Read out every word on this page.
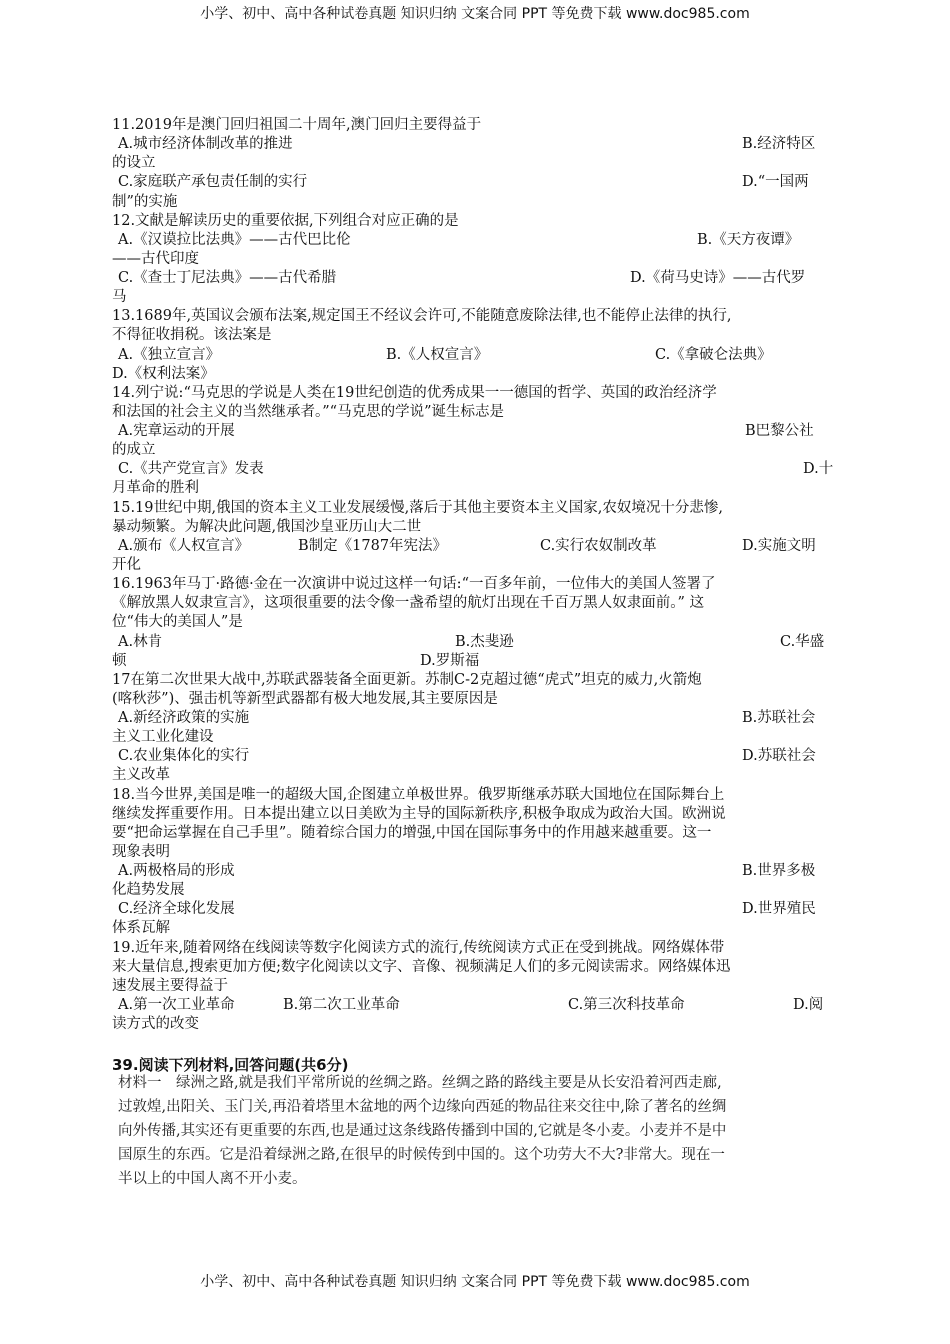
小学、初中、高中各种试卷真题 知识归纳 文案合同 PPT 等免费下载 www.doc985.com
11.2019年是澳门回归祖国二十周年,澳门回归主要得益于
A.城市经济体制改革的推进	B.经济特区
的设立
C.家庭联产承包责任制的实行	D.“一国两
制”的实施
12.文献是解读历史的重要依据,下列组合对应正确的是
A.《汉谟拉比法典》——古代巴比伦	B.《天方夜谭》
——古代印度
C.《查士丁尼法典》——古代希腊	D.《荷马史诗》——古代罗
马
13.1689年,英国议会颁布法案,规定国王不经议会许可,不能随意废除法律,也不能停止法律的执行,
不得征收捐税。该法案是
A.《独立宣言》	B.《人权宣言》	C.《拿破仑法典》
D.《权利法案》
14.列宁说:“马克思的学说是人类在19世纪创造的优秀成果一一德国的哲学、英国的政治经济学
和法国的社会主义的当然继承者。”“马克思的学说”诞生标志是
A.宪章运动的开展	B巴黎公社
的成立
C.《共产党宣言》发表	D.十
月革命的胜利
15.19世纪中期,俄国的资本主义工业发展缓慢,落后于其他主要资本主义国家,农奴境况十分悲惨,
暴动频繁。为解决此问题,俄国沙皇亚历山大二世
A.颁布《人权宣言》	B制定《1787年宪法》	C.实行农奴制改革	D.实施文明
开化
16.1963年马丁·路德·金在一次演讲中说过这样一句话:“一百多年前，一位伟大的美国人签署了
《解放黑人奴隶宣言》，这项很重要的法令像一盏希望的航灯出现在千百万黑人奴隶面前。” 这
位“伟大的美国人”是
A.林肯	B.杰斐逊	C.华盛
顿	D.罗斯福
17在第二次世果大战中,苏联武器装备全面更新。苏制C-2克超过德“虎式”坦克的威力,火箭炮
(喀秋莎”)、强击机等新型武器都有极大地发展,其主要原因是
A.新经济政策的实施	B.苏联社会
主义工业化建设
C.农业集体化的实行	D.苏联社会
主义改革
18.当今世界,美国是唯一的超级大国,企图建立单极世界。俄罗斯继承苏联大国地位在国际舞台上
继续发挥重要作用。日本提出建立以日美欧为主导的国际新秩序,积极争取成为政治大国。欧洲说
要“把命运掌握在自己手里”。随着综合国力的增强,中国在国际事务中的作用越来越重要。这一
现象表明
A.两极格局的形成	B.世界多极
化趋势发展
C.经济全球化发展	D.世界殖民
体系瓦解
19.近年来,随着网络在线阅读等数字化阅读方式的流行,传统阅读方式正在受到挑战。网络媒体带
来大量信息,搜索更加方便;数字化阅读以文字、音像、视频满足人们的多元阅读需求。网络媒体迅
速发展主要得益于
A.第一次工业革命	B.第二次工业革命	C.第三次科技革命	D.阅
读方式的改变
39.阅读下列材料,回答问题(共6分)
材料一　绿洲之路,就是我们平常所说的丝绸之路。丝绸之路的路线主要是从长安沿着河西走廊,
过敦煌,出阳关、玉门关,再沿着塔里木盆地的两个边缘向西延的物品往来交往中,除了著名的丝绸
向外传播,其实还有更重要的东西,也是通过这条线路传播到中国的,它就是冬小麦。小麦并不是中
国原生的东西。它是沿着绿洲之路,在很早的时候传到中国的。这个功劳大不大?非常大。现在一
半以上的中国人离不开小麦。
小学、初中、高中各种试卷真题 知识归纳 文案合同 PPT 等免费下载 www.doc985.com
